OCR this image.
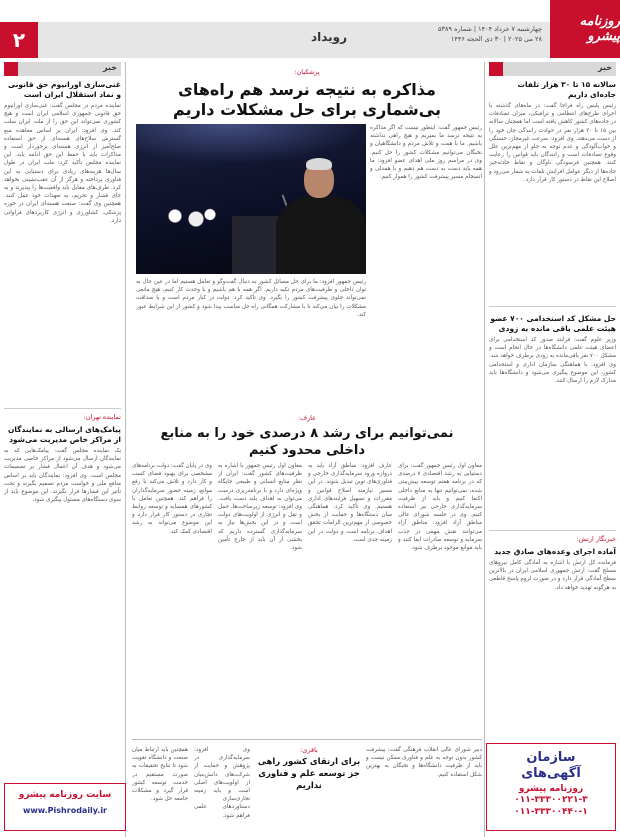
۲	رویداد
چهارشنبه ۷ خرداد ۱۴۰۴ | شماره ۵۳۸۹
۲۸ می ۲۰۲۵ | ۳۰ ذی الحجه ۱۴۴۶
روزنامه پیشرو
خبر
سالانه ۱۵ تا ۳۰ هزار تلفات جاده‌ای داریم
رئیس پلیس راه فراجا گفت: در ماه‌های گذشته با اجرای طرح‌های انتظامی و ترافیکی، میزان تصادفات در جاده‌های کشور کاهش یافته است اما همچنان سالانه بین ۱۵ تا ۳۰ هزار نفر در حوادث رانندگی جان خود را از دست می‌دهند. وی افزود: سرعت غیرمجاز، خستگی و خواب‌آلودگی و عدم توجه به جلو از مهم‌ترین علل وقوع تصادفات است و رانندگان باید قوانین را رعایت کنند. همچنین فرسودگی ناوگان و نقاط حادثه‌خیز جاده‌ها از دیگر عوامل افزایش تلفات به شمار می‌رود و اصلاح این نقاط در دستور کار قرار دارد.
حل مشکل کد استخدامی ۷۰۰ عضو هیئت علمی باقی مانده به زودی
وزیر علوم گفت: فرایند صدور کد استخدامی برای اعضای هیئت علمی دانشگاه‌ها در حال انجام است و مشکل ۷۰۰ نفر باقی‌مانده به زودی برطرف خواهد شد. وی افزود: با هماهنگی سازمان اداری و استخدامی کشور، این موضوع پیگیری می‌شود و دانشگاه‌ها باید مدارک لازم را ارسال کنند.
خبرنگار ارتش:
آماده اجرای وعده‌های صادق جدید
فرمانده کل ارتش با اشاره به آمادگی کامل نیروهای مسلح گفت: ارتش جمهوری اسلامی ایران در بالاترین سطح آمادگی قرار دارد و در صورت لزوم پاسخ قاطعی به هرگونه تهدید خواهد داد.
سازمان
آگهی‌های
روزنامه پیشرو
۰۱۱-۳۳۳۰۰۲۲۱-۳
۰۱۱-۳۳۳۰۰۴۴۰-۱
پزشکیان:
مذاکره به نتیجه نرسد هم راه‌های بی‌شماری برای حل مشکلات داریم
رئیس جمهور گفت: اینطور نیست که اگر مذاکره به نتیجه نرسد ما بمیریم و هیچ راهی نداشته باشیم. ما با همت و تلاش مردم و دانشگاهیان و نخبگان می‌توانیم مشکلات کشور را حل کنیم. وی در مراسم روز ملی اهدای عضو افزود: ما همه باید دست به دست هم دهیم و با همدلی و انسجام مسیر پیشرفت کشور را هموار کنیم.
رئیس جمهور افزود: ما برای حل مسائل کشور به دنبال گفت‌وگو و تعامل هستیم اما در عین حال به توان داخلی و ظرفیت‌های مردم تکیه داریم. اگر همه با هم باشیم و با وحدت کار کنیم، هیچ مانعی نمی‌تواند جلوی پیشرفت کشور را بگیرد. وی تأکید کرد: دولت در کنار مردم است و با صداقت مشکلات را بیان می‌کند تا با مشارکت همگانی راه حل مناسب پیدا شود و کشور از این شرایط عبور کند.
عارف:
نمی‌توانیم برای رشد ۸ درصدی خود را به منابع داخلی محدود کنیم
معاون اول رئیس جمهور گفت: برای دستیابی به رشد اقتصادی ۸ درصدی که در برنامه هفتم توسعه پیش‌بینی شده، نمی‌توانیم تنها به منابع داخلی اکتفا کنیم و باید از ظرفیت سرمایه‌گذاری خارجی نیز استفاده کنیم. وی در جلسه شورای عالی مناطق آزاد افزود: مناطق آزاد می‌توانند نقش مهمی در جذب سرمایه و توسعه صادرات ایفا کنند و باید موانع موجود برطرف شود.
عارف افزود: مناطق آزاد باید به دروازه ورود سرمایه‌گذاری خارجی و فناوری‌های نوین تبدیل شوند. در این مسیر نیازمند اصلاح قوانین و مقررات و تسهیل فرایندهای اداری هستیم. وی تأکید کرد: هماهنگی میان دستگاه‌ها و حمایت از بخش خصوصی از مهم‌ترین الزامات تحقق اهداف برنامه است و دولت در این زمینه جدی است.
معاون اول رئیس جمهور با اشاره به ظرفیت‌های کشور گفت: ایران از نظر منابع انسانی و طبیعی جایگاه ویژه‌ای دارد و با برنامه‌ریزی درست می‌توان به اهداف بلند دست یافت. وی افزود: توسعه زیرساخت‌ها، حمل و نقل و انرژی از اولویت‌های دولت است و در این بخش‌ها نیاز به سرمایه‌گذاری گسترده داریم که بخشی از آن باید از خارج تأمین شود.
وی در پایان گفت: دولت برنامه‌های مشخصی برای بهبود فضای کسب و کار دارد و تلاش می‌کند با رفع موانع، زمینه حضور سرمایه‌گذاران را فراهم کند. همچنین تعامل با کشورهای همسایه و توسعه روابط تجاری در دستور کار قرار دارد و این موضوع می‌تواند به رشد اقتصادی کمک کند.
دبیر شورای عالی انقلاب فرهنگی گفت: پیشرفت کشور بدون توجه به علم و فناوری ممکن نیست و باید از ظرفیت دانشگاه‌ها و نخبگان به بهترین شکل استفاده کنیم.
باقری:
برای ارتقای کشور راهی جز توسعه علم و فناوری نداریم
وی افزود: سرمایه‌گذاری در پژوهش و حمایت از شرکت‌های دانش‌بنیان از اولویت‌های اصلی است و باید زمینه تجاری‌سازی دستاوردهای علمی فراهم شود.
همچنین باید ارتباط میان صنعت و دانشگاه تقویت شود تا نتایج تحقیقات به صورت مستقیم در خدمت توسعه کشور قرار گیرد و مشکلات جامعه حل شود.
خبر
غنی‌سازی اورانیوم حق قانونی و نماد استقلال ایران است
نماینده مردم در مجلس گفت: غنی‌سازی اورانیوم حق قانونی جمهوری اسلامی ایران است و هیچ کشوری نمی‌تواند این حق را از ملت ایران سلب کند. وی افزود: ایران بر اساس معاهده منع گسترش سلاح‌های هسته‌ای از حق استفاده صلح‌آمیز از انرژی هسته‌ای برخوردار است و مذاکرات باید با حفظ این حق ادامه یابد. این نماینده مجلس تأکید کرد: ملت ایران در طول سال‌ها هزینه‌های زیادی برای دستیابی به این فناوری پرداخته و هرگز از آن عقب‌نشینی نخواهد کرد. طرف‌های مقابل باید واقعیت‌ها را بپذیرند و به جای فشار و تحریم، به تعهدات خود عمل کنند. همچنین وی گفت: صنعت هسته‌ای ایران در حوزه پزشکی، کشاورزی و انرژی کاربردهای فراوانی دارد.
نماینده تهران:
پیامک‌های ارسالی به نمایندگان از مراکز خاص مدیریت می‌شود
یک نماینده مجلس گفت: پیامک‌هایی که به نمایندگان ارسال می‌شود از مراکز خاصی مدیریت می‌شود و هدف آن اعمال فشار بر تصمیمات مجلس است. وی افزود: نمایندگان باید بر اساس منافع ملی و خواست مردم تصمیم بگیرند و تحت تأثیر این فشارها قرار نگیرند. این موضوع باید از سوی دستگاه‌های مسئول پیگیری شود.
سایت روزنامه پیشرو
www.Pishrodaily.ir
